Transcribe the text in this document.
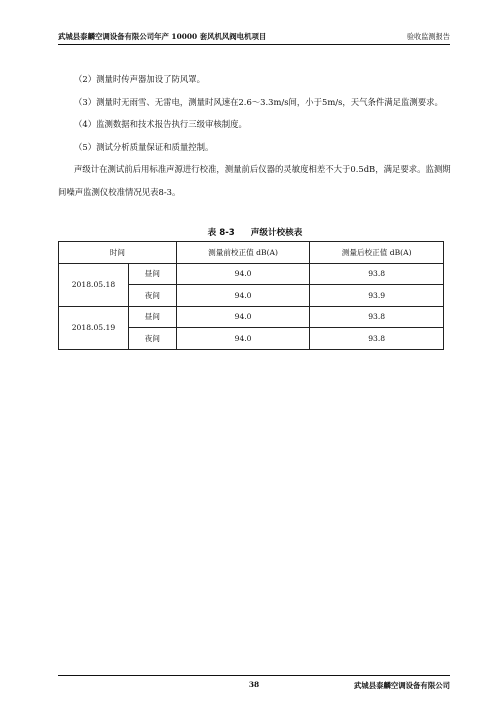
武城县泰麟空调设备有限公司年产 10000 套风机风阀电机项目	验收监测报告

（2）测量时传声器加设了防风罩。

（3）测量时无雨雪、无雷电，测量时风速在2.6～3.3m/s间，小于5m/s，天气条件满足监测要求。

（4）监测数据和技术报告执行三级审核制度。

（5）测试分析质量保证和质量控制。

声级计在测试前后用标准声源进行校准，测量前后仪器的灵敏度相差不大于0.5dB，满足要求。监测期间噪声监测仪校准情况见表8-3。

表 8-3 声级计校核表
时间		测量前校正值 dB(A)	测量后校正值 dB(A)
2018.05.18	昼间	94.0	93.8
	夜间	94.0	93.9
2018.05.19	昼间	94.0	93.8
	夜间	94.0	93.8
38	武城县泰麟空调设备有限公司
